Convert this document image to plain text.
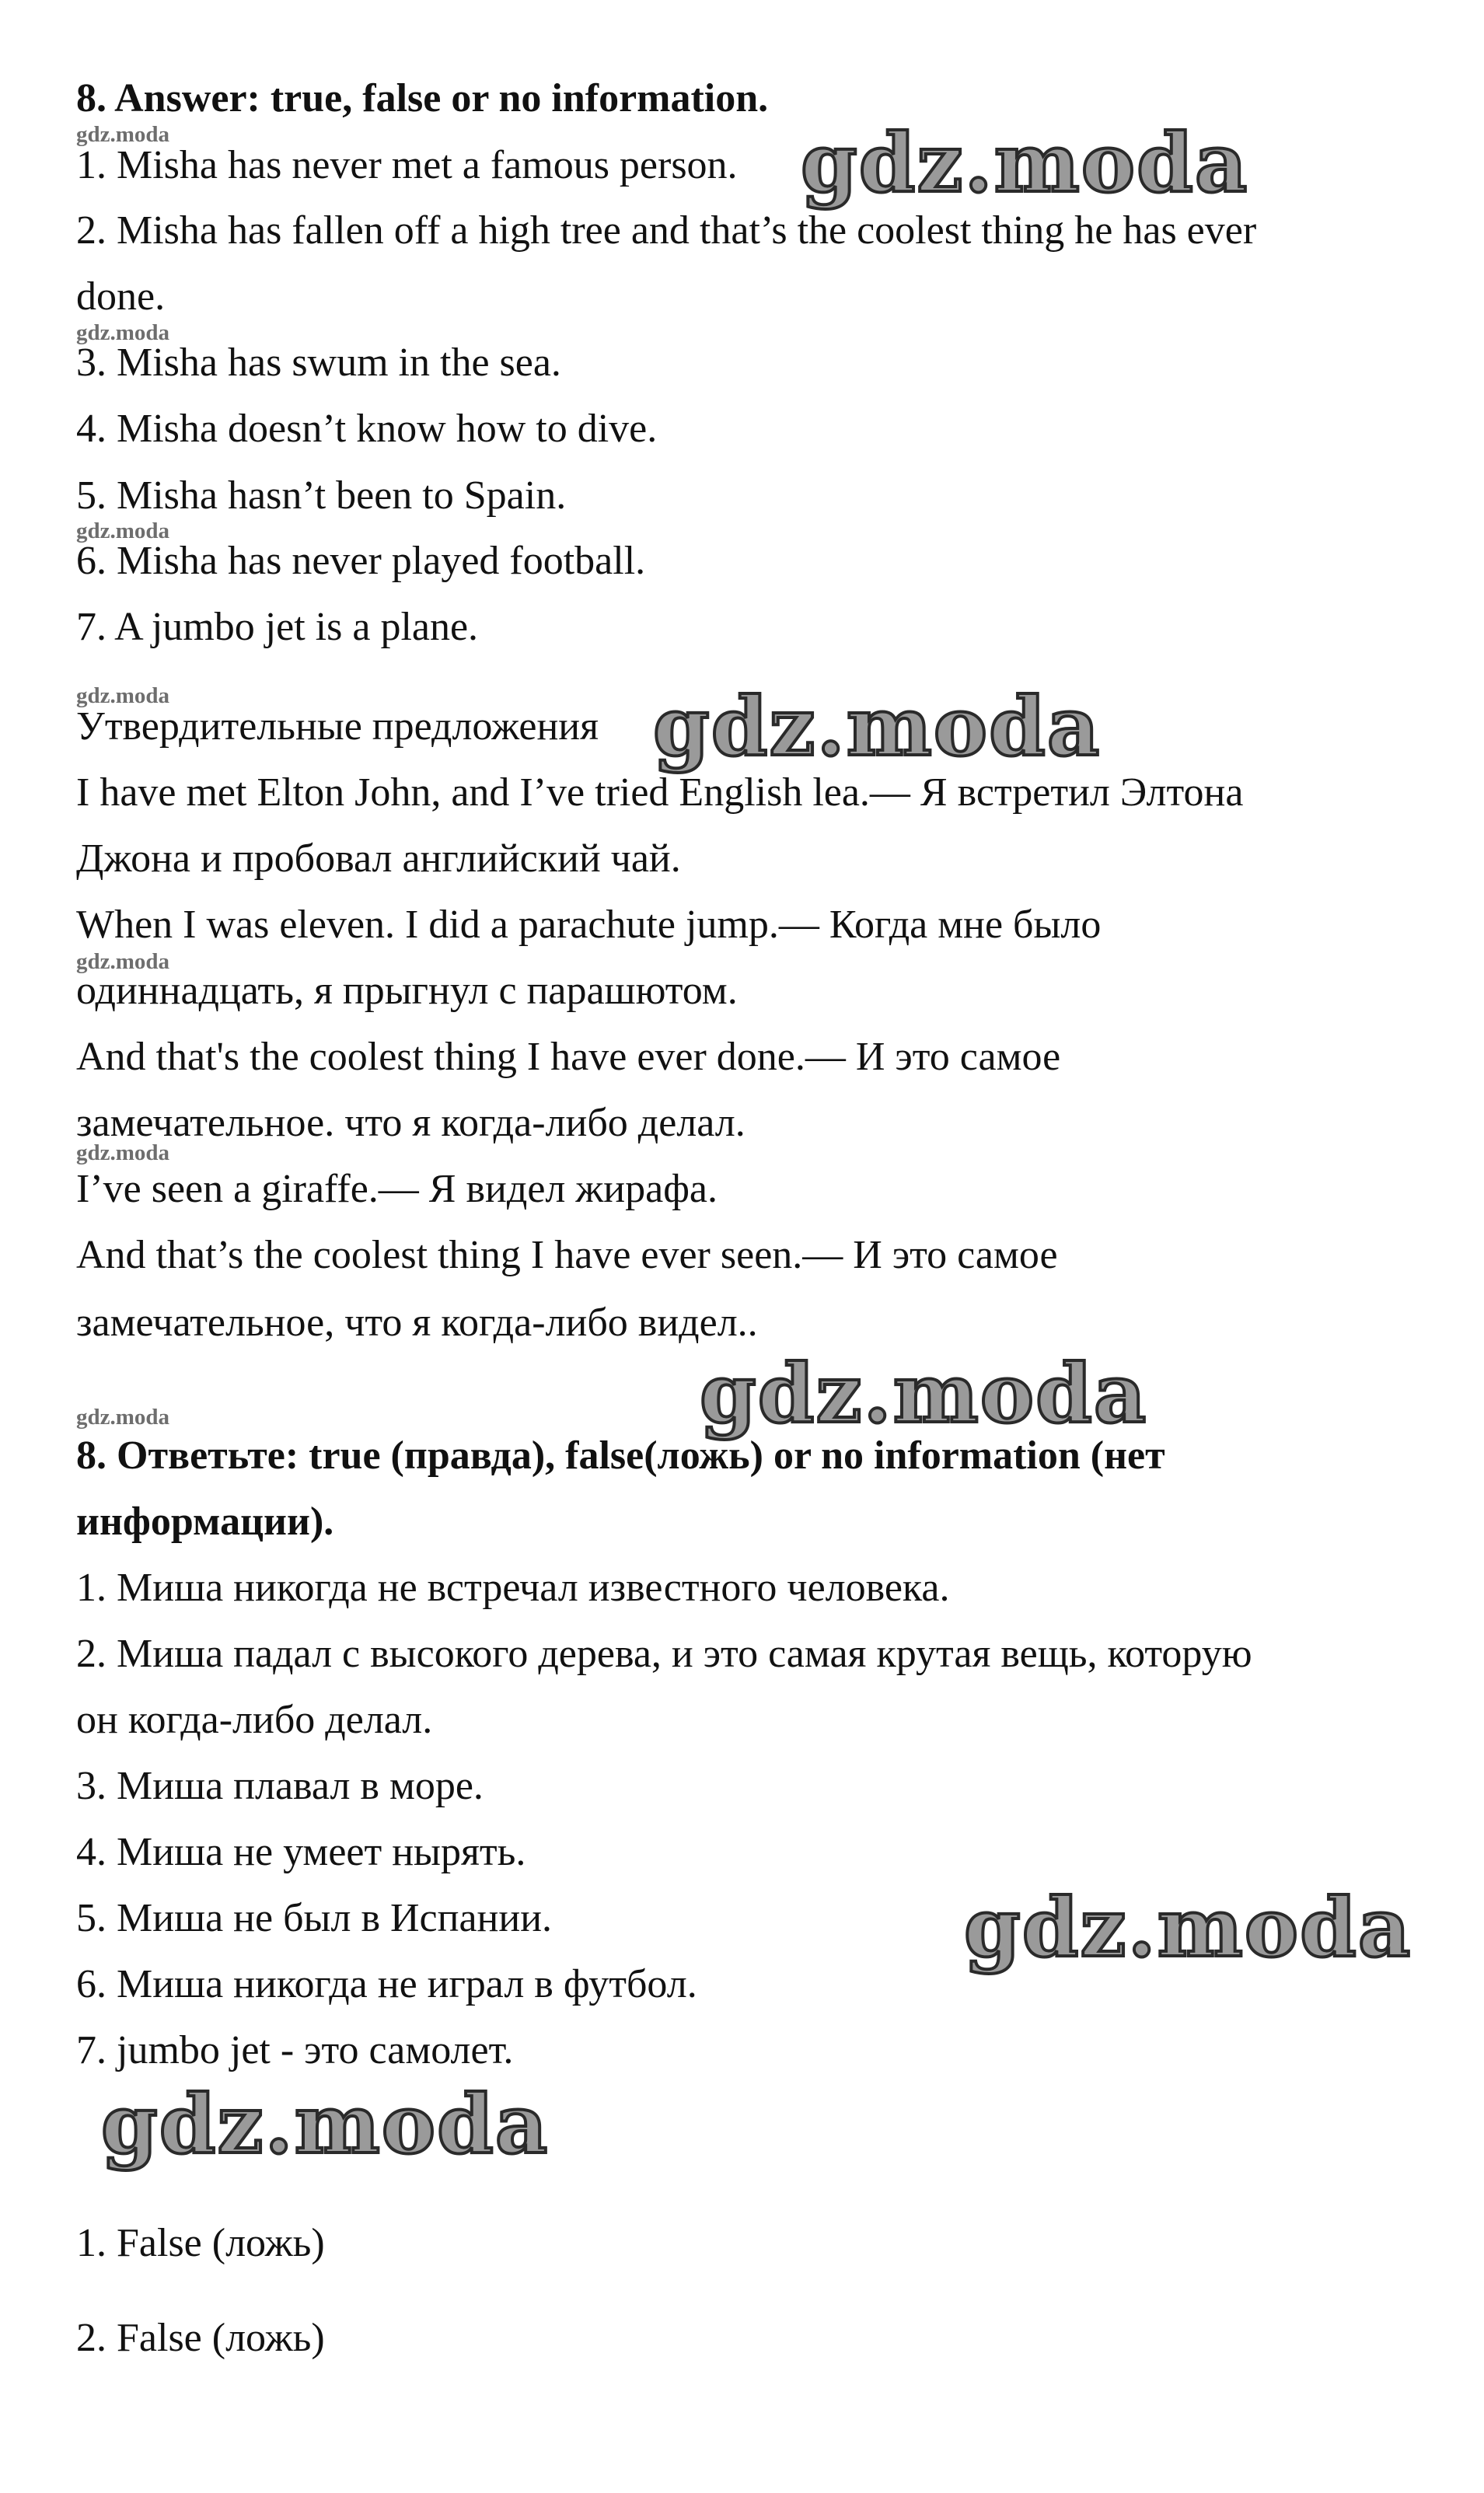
8. Answer: true, false or no information.
gdz.moda
1. Misha has never met a famous person. gdz.moda
2. Misha has fallen off a high tree and that’s the coolest thing he has ever
done.
gdz.moda
3. Misha has swum in the sea.
4. Misha doesn’t know how to dive.
5. Misha hasn’t been to Spain.
gdz.moda
6. Misha has never played football.
7. A jumbo jet is a plane.
gdz.moda
Утвердительные предложения gdz.moda
I have met Elton John, and I’ve tried English lea.— Я встретил Элтона
Джона и пробовал английский чай.
When I was eleven. I did a parachute jump.— Когда мне было
gdz.moda
одиннадцать, я прыгнул с парашютом.
And that's the coolest thing I have ever done.— И это самое
замечательное. что я когда-либо делал.
gdz.moda
I’ve seen a giraffe.— Я видел жирафа.
And that’s the coolest thing I have ever seen.— И это самое
замечательное, что я когда-либо видел..
gdz.moda
gdz.moda
8. Ответьте: true (правда), false(ложь) or no information (нет
информации).
1. Миша никогда не встречал известного человека.
2. Миша падал с высокого дерева, и это самая крутая вещь, которую
он когда-либо делал.
3. Миша плавал в море.
4. Миша не умеет нырять.
5. Миша не был в Испании.	gdz.moda
6. Миша никогда не играл в футбол.
7. jumbo jet - это самолет.
gdz.moda
1. False (ложь)
2. False (ложь)
